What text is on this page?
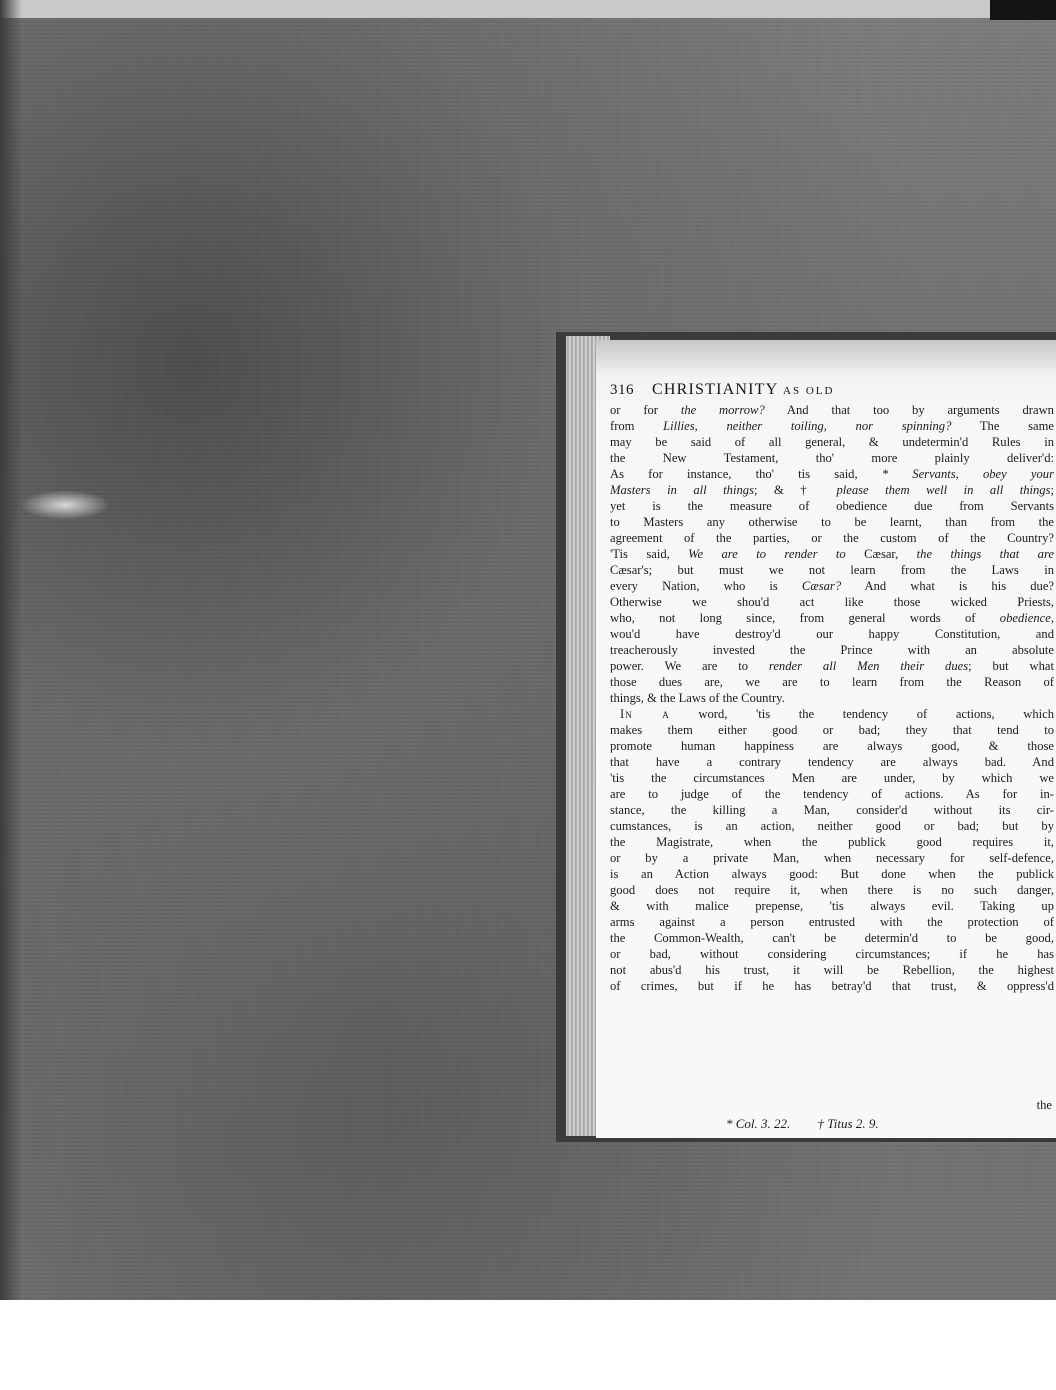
316 CHRISTIANITY AS OLD
or for the morrow? And that too by arguments drawn
from Lillies, neither toiling, nor spinning? The same
may be said of all general, & undetermin'd Rules in
the New Testament, tho' more plainly deliver'd:
As for instance, tho' tis said, * Servants, obey your
Masters in all things; & † please them well in all things;
yet is the measure of obedience due from Servants
to Masters any otherwise to be learnt, than from the
agreement of the parties, or the custom of the Country?
'Tis said, We are to render to Cæsar, the things that are
Cæsar's; but must we not learn from the Laws in
every Nation, who is Cæsar? And what is his due?
Otherwise we shou'd act like those wicked Priests,
who, not long since, from general words of obedience,
wou'd have destroy'd our happy Constitution, and
treacherously invested the Prince with an absolute
power. We are to render all Men their dues; but what
those dues are, we are to learn from the Reason of
things, & the Laws of the Country.
In a word, 'tis the tendency of actions, which
makes them either good or bad; they that tend to
promote human happiness are always good, & those
that have a contrary tendency are always bad. And
'tis the circumstances Men are under, by which we
are to judge of the tendency of actions. As for in-
stance, the killing a Man, consider'd without its cir-
cumstances, is an action, neither good or bad; but by
the Magistrate, when the publick good requires it,
or by a private Man, when necessary for self-defence,
is an Action always good: But done when the publick
good does not require it, when there is no such danger,
& with malice prepense, 'tis always evil. Taking up
arms against a person entrusted with the protection of
the Common-Wealth, can't be determin'd to be good,
or bad, without considering circumstances; if he has
not abus'd his trust, it will be Rebellion, the highest
of crimes, but if he has betray'd that trust, & oppress'd
the
* Col. 3. 22. † Titus 2. 9.
